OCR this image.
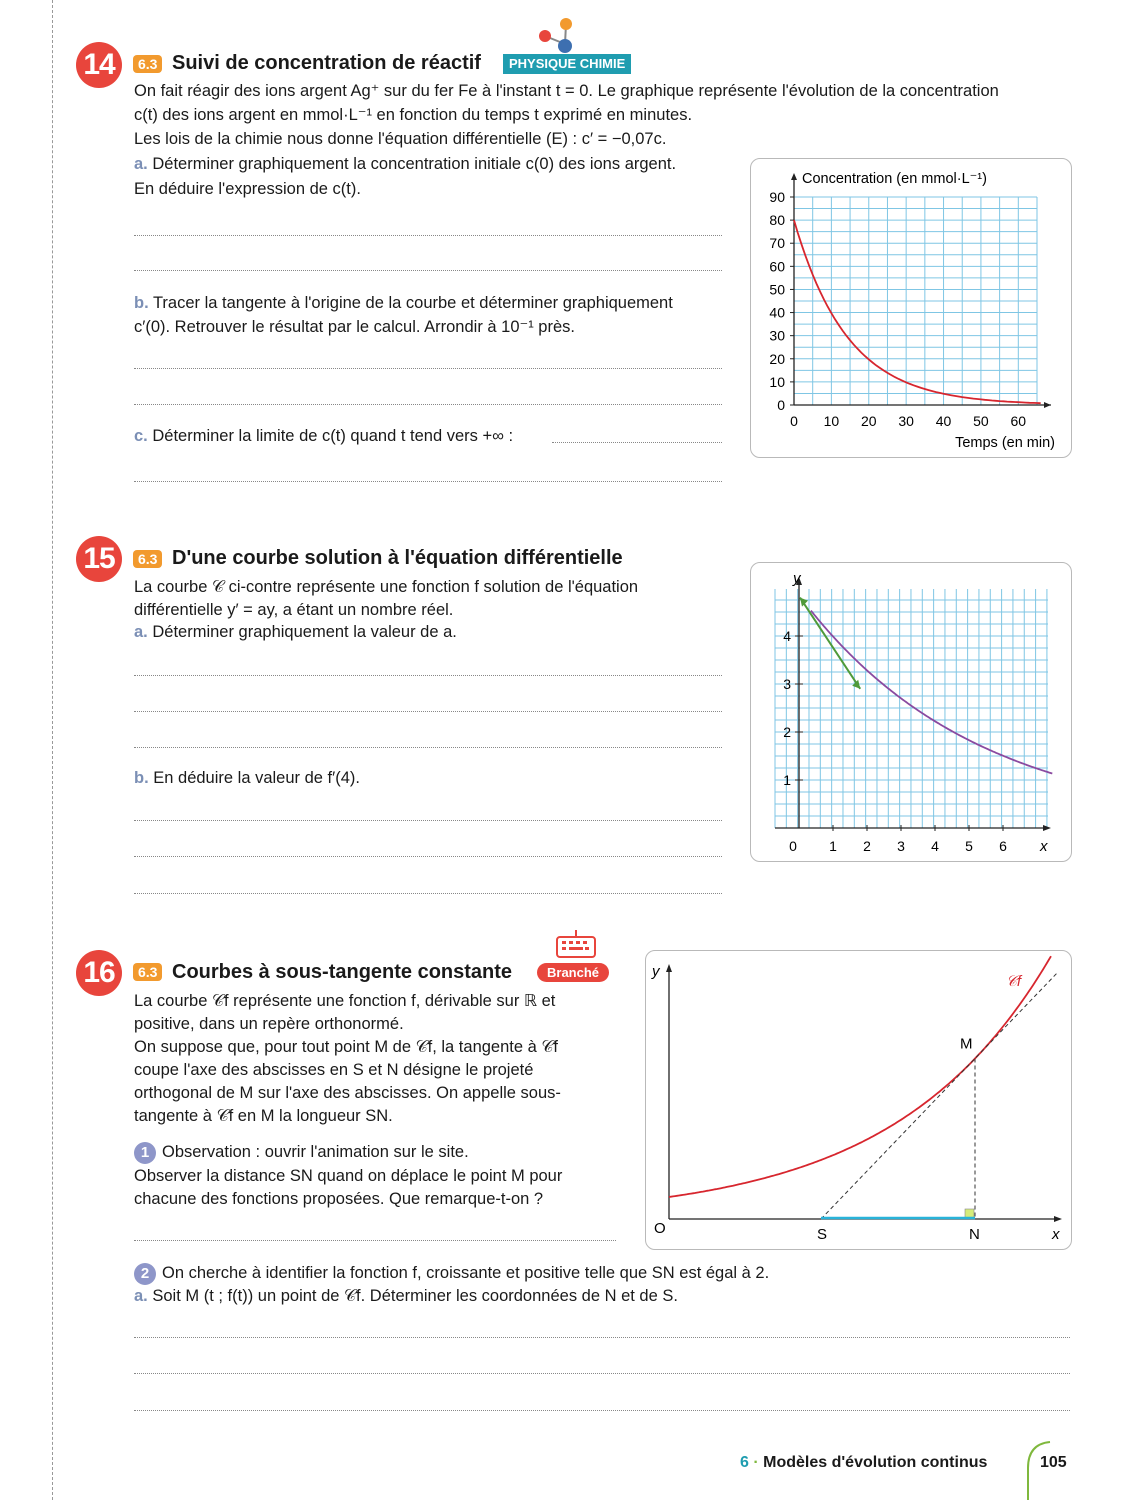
14	6.3 Suivi de concentration de réactif	PHYSIQUE CHIMIE
On fait réagir des ions argent Ag⁺ sur du fer Fe à l'instant t = 0. Le graphique représente l'évolution de la concentration
c(t) des ions argent en mmol·L⁻¹ en fonction du temps t exprimé en minutes.
Les lois de la chimie nous donne l'équation différentielle (E) : c′ = −0,07c.
a. Déterminer graphiquement la concentration initiale c(0) des ions argent.
En déduire l'expression de c(t).
b. Tracer la tangente à l'origine de la courbe et déterminer graphiquement
c′(0). Retrouver le résultat par le calcul. Arrondir à 10⁻¹ près.
c. Déterminer la limite de c(t) quand t tend vers +∞ :
0
10
20
30
40
50
60
70
80
90
0 10 20 30 40 50 60
Concentration (en mmol·L⁻¹)
Temps (en min)
15	6.3 D'une courbe solution à l'équation différentielle
La courbe 𝒞 ci-contre représente une fonction f solution de l'équation
différentielle y′ = ay, a étant un nombre réel.
a. Déterminer graphiquement la valeur de a.
b. En déduire la valeur de f′(4).
y
1
2
3
4
0 1 2 3 4 5 6 x
16	6.3 Courbes à sous-tangente constante	Branché
La courbe 𝒞f représente une fonction f, dérivable sur ℝ et
positive, dans un repère orthonormé.
On suppose que, pour tout point M de 𝒞f, la tangente à 𝒞f
coupe l'axe des abscisses en S et N désigne le projeté
orthogonal de M sur l'axe des abscisses. On appelle sous-
tangente à 𝒞f en M la longueur SN.
1 Observation : ouvrir l'animation sur le site.
Observer la distance SN quand on déplace le point M pour
chacune des fonctions proposées. Que remarque-t-on ?
2 On cherche à identifier la fonction f, croissante et positive telle que SN est égal à 2.
a. Soit M (t ; f(t)) un point de 𝒞f. Déterminer les coordonnées de N et de S.
y
x
O	S	N
M
𝒞f
6 · Modèles d'évolution continus	105
